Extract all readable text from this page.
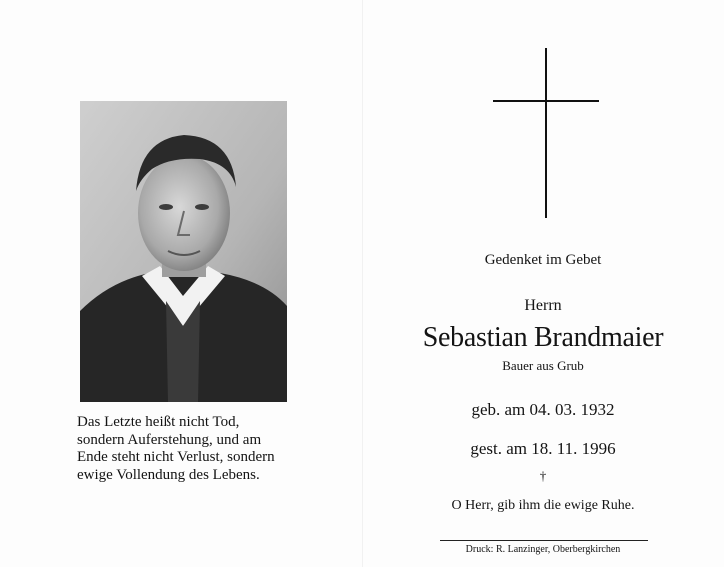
Das Letzte heißt nicht Tod,
sondern Auferstehung, und am
Ende steht nicht Verlust, sondern
ewige Vollendung des Lebens.
Gedenket im Gebet
Herrn
Sebastian Brandmaier
Bauer aus Grub
geb. am 04. 03. 1932
gest. am 18. 11. 1996
†
O Herr, gib ihm die ewige Ruhe.
Druck: R. Lanzinger, Oberbergkirchen
